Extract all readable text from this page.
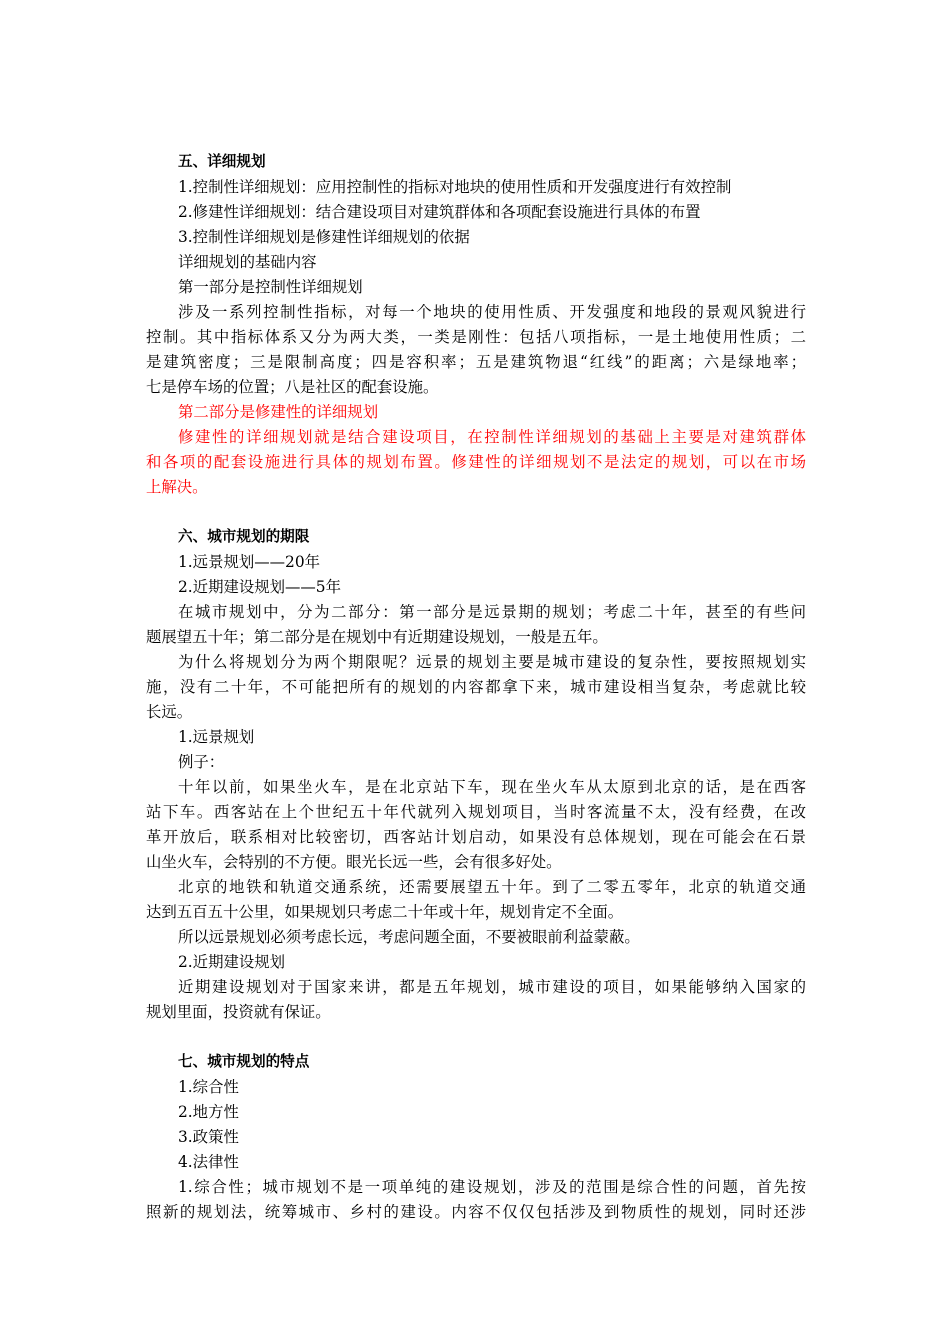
五、详细规划
1.控制性详细规划：应用控制性的指标对地块的使用性质和开发强度进行有效控制
2.修建性详细规划：结合建设项目对建筑群体和各项配套设施进行具体的布置
3.控制性详细规划是修建性详细规划的依据
详细规划的基础内容
第一部分是控制性详细规划
涉及一系列控制性指标，对每一个地块的使用性质、开发强度和地段的景观风貌进行
控制。其中指标体系又分为两大类，一类是刚性：包括八项指标，一是土地使用性质；二
是建筑密度；三是限制高度；四是容积率；五是建筑物退“红线”的距离；六是绿地率；
七是停车场的位置；八是社区的配套设施。
第二部分是修建性的详细规划
修建性的详细规划就是结合建设项目，在控制性详细规划的基础上主要是对建筑群体
和各项的配套设施进行具体的规划布置。修建性的详细规划不是法定的规划，可以在市场
上解决。
六、城市规划的期限
1.远景规划——20年
2.近期建设规划——5年
在城市规划中，分为二部分：第一部分是远景期的规划；考虑二十年，甚至的有些问
题展望五十年；第二部分是在规划中有近期建设规划，一般是五年。
为什么将规划分为两个期限呢？远景的规划主要是城市建设的复杂性，要按照规划实
施，没有二十年，不可能把所有的规划的内容都拿下来，城市建设相当复杂，考虑就比较
长远。
1.远景规划
例子：
十年以前，如果坐火车，是在北京站下车，现在坐火车从太原到北京的话，是在西客
站下车。西客站在上个世纪五十年代就列入规划项目，当时客流量不太，没有经费，在改
革开放后，联系相对比较密切，西客站计划启动，如果没有总体规划，现在可能会在石景
山坐火车，会特别的不方便。眼光长远一些，会有很多好处。
北京的地铁和轨道交通系统，还需要展望五十年。到了二零五零年，北京的轨道交通
达到五百五十公里，如果规划只考虑二十年或十年，规划肯定不全面。
所以远景规划必须考虑长远，考虑问题全面，不要被眼前利益蒙蔽。
2.近期建设规划
近期建设规划对于国家来讲，都是五年规划，城市建设的项目，如果能够纳入国家的
规划里面，投资就有保证。
七、城市规划的特点
1.综合性
2.地方性
3.政策性
4.法律性
1.综合性；城市规划不是一项单纯的建设规划，涉及的范围是综合性的问题，首先按
照新的规划法，统筹城市、乡村的建设。内容不仅仅包括涉及到物质性的规划，同时还涉
